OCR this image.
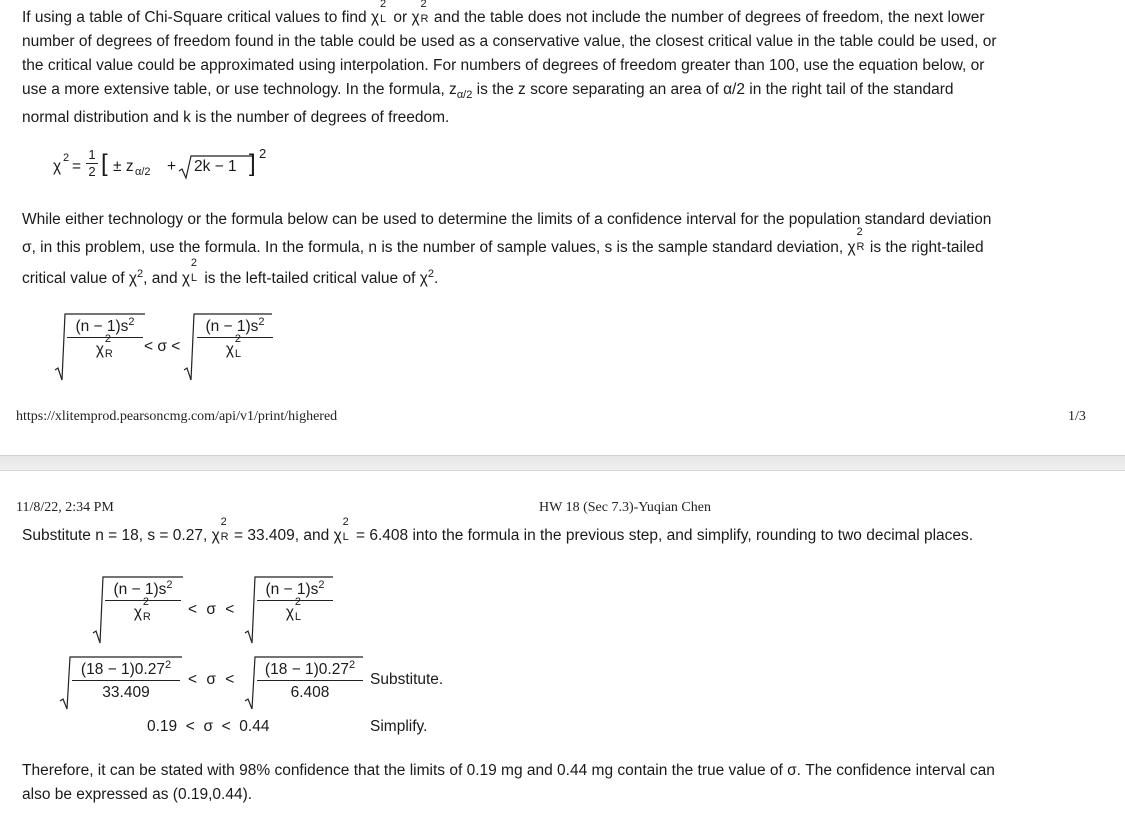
If using a table of Chi-Square critical values to find χ
2
L or χ
2
R and the table does not include the number of degrees of freedom, the next lower
number of degrees of freedom found in the table could be used as a conservative value, the closest critical value in the table could be used, or
the critical value could be approximated using interpolation. For numbers of degrees of freedom greater than 100, use the equation below, or
use a more extensive table, or use technology. In the formula, $z_{\alpha/2}$ is the z score separating an area of α/2 in the right tail of the standard
normal distribution and k is the number of degrees of freedom.
χ 2 =
1
2 [ ± z α/2 + 2k − 1 ] 2
While either technology or the formula below can be used to determine the limits of a confidence interval for the population standard deviation
σ, in this problem, use the formula. In the formula, n is the number of sample values, s is the sample standard deviation, χ
2
R is the right-tailed
critical value of $\chi^2$, and χ
2
L is the left-tailed critical value of $\chi^2$.
$(n - 1)s^2$
χ
2
$R < \sigma < (n - 1)s^2$
χ
2
L
https://xlitemprod.pearsoncmg.com/api/v1/print/highered	1/3
11/8/22, 2:34 PM	HW 18 (Sec 7.3)-Yuqian Chen
Substitute n = 18, s = 0.27, χ
2
R = 33.409, and χ
2
L = 6.408 into the formula in the previous step, and simplify, rounding to two decimal places.
$(n - 1)s^2$
χ
2
$R < \sigma < (n - 1)s^2$
χ
2
L
$\frac{(18 - 1)0.27^2}{33.409} < \sigma < \frac{(18 - 1)0.27^2}{6.408}$ Substitute.
0.19  <  σ  <  0.44	Simplify.
Therefore, it can be stated with 98% confidence that the limits of 0.19 mg and 0.44 mg contain the true value of σ. The confidence interval can
also be expressed as (0.19,0.44).
